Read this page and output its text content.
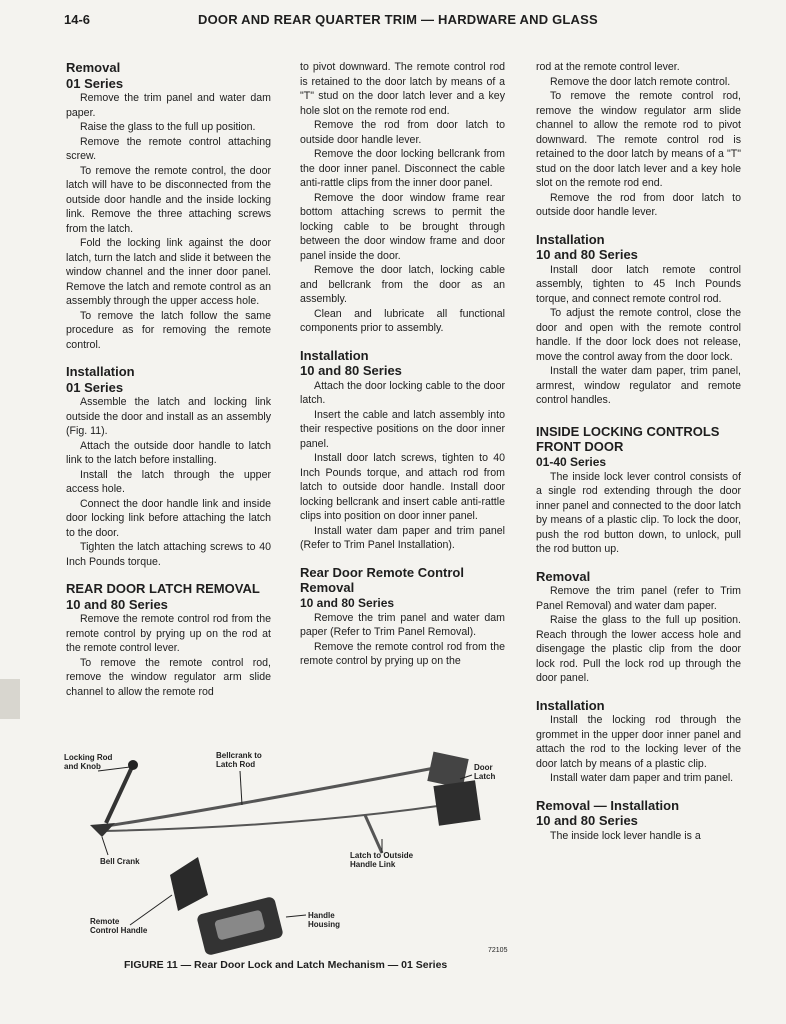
14-6	DOOR AND REAR QUARTER TRIM — HARDWARE AND GLASS
Removal
01 Series

Remove the trim panel and water dam paper.

Raise the glass to the full up position.

Remove the remote control attaching screw.

To remove the remote control, the door latch will have to be disconnected from the outside door handle and the inside locking link. Remove the three attaching screws from the latch.

Fold the locking link against the door latch, turn the latch and slide it between the window channel and the inner door panel. Remove the latch and remote control as an assembly through the upper access hole.

To remove the latch follow the same procedure as for removing the remote control.

Installation
01 Series

Assemble the latch and locking link outside the door and install as an assembly (Fig. 11).

Attach the outside door handle to latch link to the latch before installing.

Install the latch through the upper access hole.

Connect the door handle link and inside door locking link before attaching the latch to the door.

Tighten the latch attaching screws to 40 Inch Pounds torque.

REAR DOOR LATCH REMOVAL
10 and 80 Series

Remove the remote control rod from the remote control by prying up on the rod at the remote control lever.

To remove the remote control rod, remove the window regulator arm slide channel to allow the remote rod

to pivot downward. The remote control rod is retained to the door latch by means of a "T" stud on the door latch lever and a key hole slot on the remote rod end.

Remove the rod from door latch to outside door handle lever.

Remove the door locking bellcrank from the door inner panel. Disconnect the cable anti-rattle clips from the inner door panel.

Remove the door window frame rear bottom attaching screws to permit the locking cable to be brought through between the door window frame and door panel inside the door.

Remove the door latch, locking cable and bellcrank from the door as an assembly.

Clean and lubricate all functional components prior to assembly.

Installation
10 and 80 Series

Attach the door locking cable to the door latch.

Insert the cable and latch assembly into their respective positions on the door inner panel.

Install door latch screws, tighten to 40 Inch Pounds torque, and attach rod from latch to outside door handle. Install door locking bellcrank and insert cable anti-rattle clips into position on door inner panel.

Install water dam paper and trim panel (Refer to Trim Panel Installation).

Rear Door Remote Control Removal
10 and 80 Series

Remove the trim panel and water dam paper (Refer to Trim Panel Removal).

Remove the remote control rod from the remote control by prying up on the

rod at the remote control lever.

Remove the door latch remote control.

To remove the remote control rod, remove the window regulator arm slide channel to allow the remote rod to pivot downward. The remote control rod is retained to the door latch by means of a "T" stud on the door latch lever and a key hole slot on the remote rod end.

Remove the rod from door latch to outside door handle lever.

Installation
10 and 80 Series

Install door latch remote control assembly, tighten to 45 Inch Pounds torque, and connect remote control rod.

To adjust the remote control, close the door and open with the remote control handle. If the door lock does not release, move the control away from the door lock.

Install the water dam paper, trim panel, armrest, window regulator and remote control handles.

INSIDE LOCKING CONTROLS FRONT DOOR
01-40 Series

The inside lock lever control consists of a single rod extending through the door inner panel and connected to the door latch by means of a plastic clip. To lock the door, push the rod button down, to unlock, pull the rod button up.

Removal

Remove the trim panel (refer to Trim Panel Removal) and water dam paper.

Raise the glass to the full up position. Reach through the lower access hole and disengage the plastic clip from the door lock rod. Pull the lock rod up through the door panel.

Installation

Install the locking rod through the grommet in the upper door inner panel and attach the rod to the locking lever of the door latch by means of a plastic clip.

Install water dam paper and trim panel.

Removal — Installation
10 and 80 Series

The inside lock lever handle is a

Locking Rod and Knob
Bellcrank to Latch Rod	Door Latch
Bell Crank
Latch to Outside Handle Link
Remote Control Handle
Handle Housing
72105
FIGURE 11 — Rear Door Lock and Latch Mechanism — 01 Series
